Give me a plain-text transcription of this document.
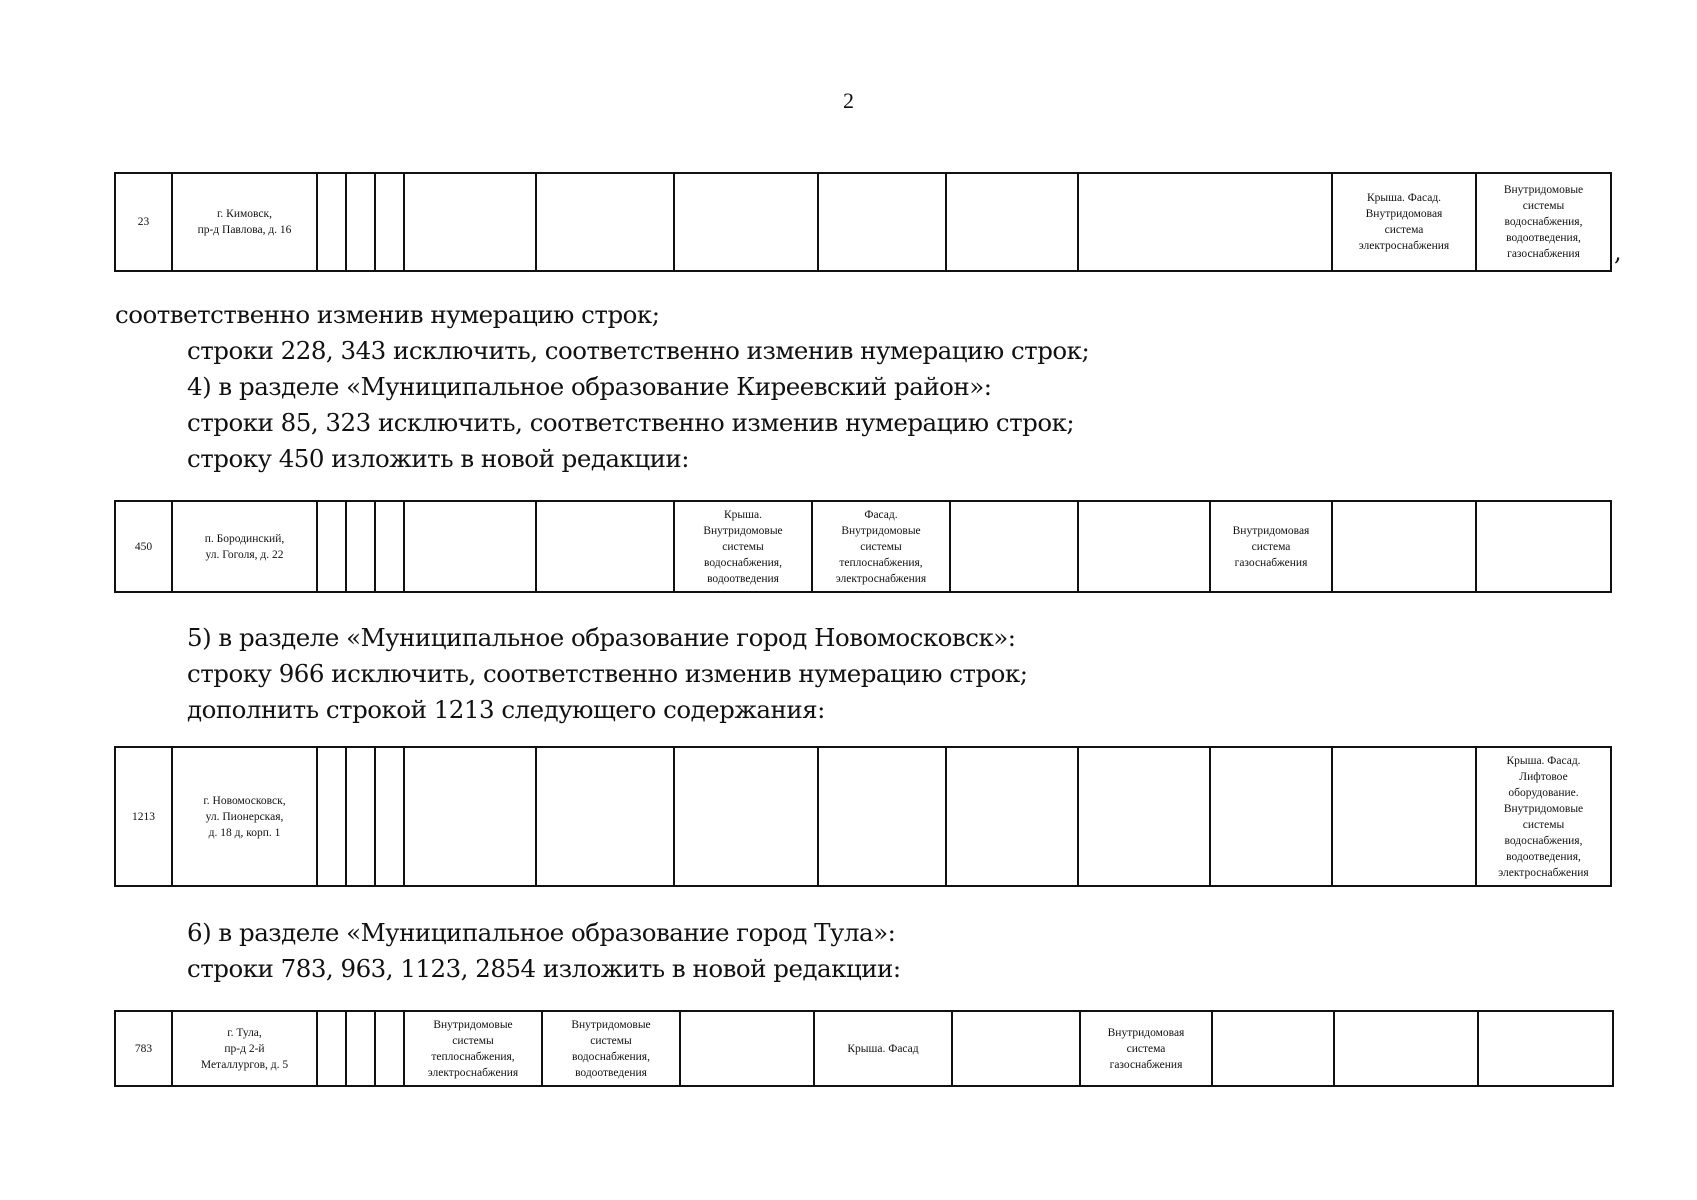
2
23	г. Кимовск,
пр-д Павлова, д. 16										Крыша. Фасад.
Внутридомовая
система
электроснабжения	Внутридомовые
системы
водоснабжения,
водоотведения,
газоснабжения	,
соответственно изменив нумерацию строк;
строки 228, 343 исключить, соответственно изменив нумерацию строк;
4) в разделе «Муниципальное образование Киреевский район»:
строки 85, 323 исключить, соответственно изменив нумерацию строк;
строку 450 изложить в новой редакции:
450	п. Бородинский,
ул. Гоголя, д. 22						Крыша.
Внутридомовые
системы
водоснабжения,
водоотведения	Фасад.
Внутридомовые
системы
теплоснабжения,
электроснабжения			Внутридомовая
система
газоснабжения		
5) в разделе «Муниципальное образование город Новомосковск»:
строку 966 исключить, соответственно изменив нумерацию строк;
дополнить строкой 1213 следующего содержания:
1213	г. Новомосковск,
ул. Пионерская,
д. 18 д, корп. 1												Крыша. Фасад.
Лифтовое
оборудование.
Внутридомовые
системы
водоснабжения,
водоотведения,
электроснабжения
6) в разделе «Муниципальное образование город Тула»:
строки 783, 963, 1123, 2854 изложить в новой редакции:
783	г. Тула,
пр-д 2-й
Металлургов, д. 5				Внутридомовые
системы
теплоснабжения,
электроснабжения	Внутридомовые
системы
водоснабжения,
водоотведения		Крыша. Фасад		Внутридомовая
система
газоснабжения			
